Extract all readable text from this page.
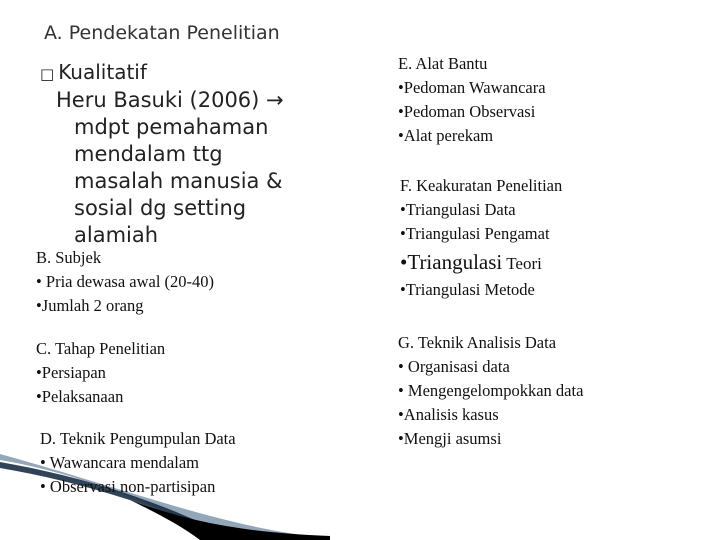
A. Pendekatan Penelitian
□ Kualitatif
Heru Basuki (2006) →
mdpt pemahaman
mendalam ttg
masalah manusia &
sosial dg setting
alamiah
B. Subjek
• Pria dewasa awal (20-40)
•Jumlah 2 orang
C. Tahap Penelitian
•Persiapan
•Pelaksanaan
D. Teknik Pengumpulan Data
• Wawancara mendalam
• Observasi non-partisipan
E. Alat Bantu
•Pedoman Wawancara
•Pedoman Observasi
•Alat perekam
F. Keakuratan Penelitian
•Triangulasi Data
•Triangulasi Pengamat
•Triangulasi Teori
•Triangulasi Metode
G. Teknik Analisis Data
• Organisasi data
• Mengengelompokkan data
•Analisis kasus
•Mengji asumsi
